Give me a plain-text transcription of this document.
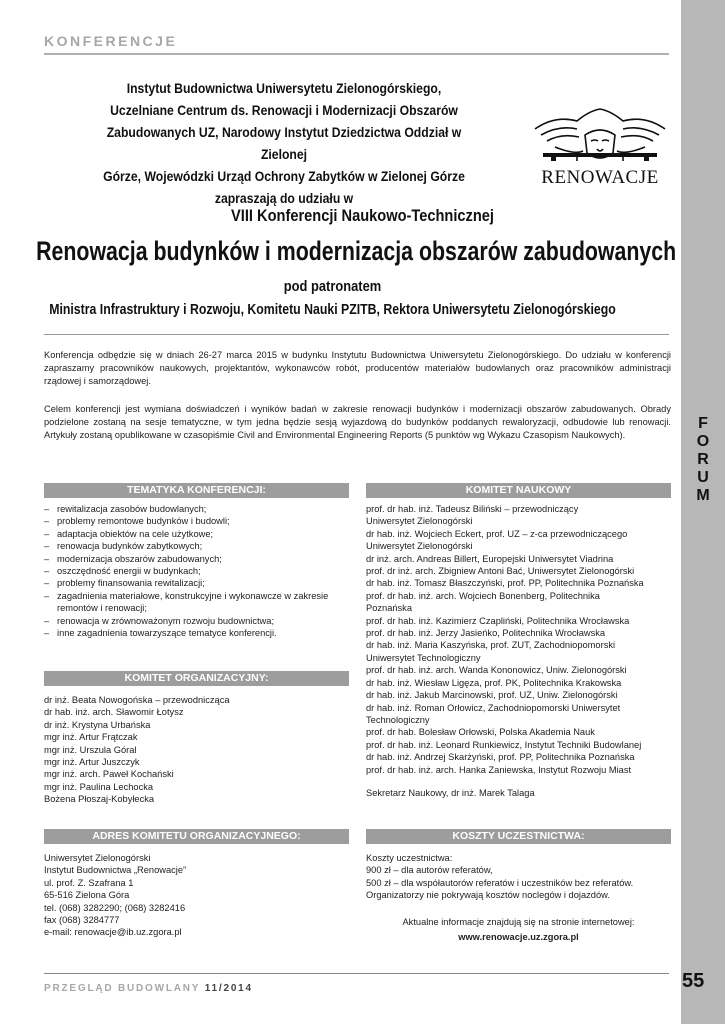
KONFERENCJE
F
O
R
U
M
Instytut Budownictwa Uniwersytetu Zielonogórskiego,
Uczelniane Centrum ds. Renowacji i Modernizacji Obszarów
Zabudowanych UZ, Narodowy Instytut Dziedzictwa Oddział w Zielonej
Górze, Wojewódzki Urząd Ochrony Zabytków w Zielonej Górze
zapraszają do udziału w
RENOWACJE
VIII Konferencji Naukowo-Technicznej
Renowacja budynków i modernizacja obszarów zabudowanych
pod patronatem
Ministra Infrastruktury i Rozwoju, Komitetu Nauki PZITB, Rektora Uniwersytetu Zielonogórskiego
Konferencja odbędzie się w dniach 26-27 marca 2015 w budynku Instytutu Budownictwa Uniwersytetu Zielonogórskiego. Do udziału w konferencji zapraszamy pracowników naukowych, projektantów, wykonawców robót, producentów materiałów budowlanych oraz pracowników administracji rządowej i samorządowej.
Celem konferencji jest wymiana doświadczeń i wyników badań w zakresie renowacji budynków i modernizacji obszarów zabudowanych. Obrady podzielone zostaną na sesje tematyczne, w tym jedna będzie sesją wyjazdową do budynków poddanych rewaloryzacji, odbudowie lub renowacji. Artykuły zostaną opublikowane w czasopiśmie Civil and Environmental Engineering Reports (5 punktów wg Wykazu Czasopism Naukowych).
TEMATYKA KONFERENCJI:
– rewitalizacja zasobów budowlanych;
– problemy remontowe budynków i budowli;
– adaptacja obiektów na cele użytkowe;
– renowacja budynków zabytkowych;
– modernizacja obszarów zabudowanych;
– oszczędność energii w budynkach;
– problemy finansowania rewitalizacji;
– zagadnienia materiałowe, konstrukcyjne i wykonawcze w zakresie remontów i renowacji;
– renowacja w zrównoważonym rozwoju budownictwa;
– inne zagadnienia towarzyszące tematyce konferencji.
KOMITET ORGANIZACYJNY:
dr inż. Beata Nowogońska – przewodnicząca
dr hab. inż. arch. Sławomir Łotysz
dr inż. Krystyna Urbańska
mgr inż. Artur Frątczak
mgr inż. Urszula Góral
mgr inż. Artur Juszczyk
mgr inż. arch. Paweł Kochański
mgr inż. Paulina Lechocka
Bożena Płoszaj-Kobyłecka
KOMITET NAUKOWY
prof. dr hab. inż. Tadeusz Biliński – przewodniczący
Uniwersytet Zielonogórski
dr hab. inż. Wojciech Eckert, prof. UZ – z-ca przewodniczącego
Uniwersytet Zielonogórski
dr inż. arch. Andreas Billert, Europejski Uniwersytet Viadrina
prof. dr inż. arch. Zbigniew Antoni Bać, Uniwersytet Zielonogórski
dr hab. inż. Tomasz Błaszczyński, prof. PP, Politechnika Poznańska
prof. dr hab. inż. arch. Wojciech Bonenberg, Politechnika
Poznańska
prof. dr hab. inż. Kazimierz Czapliński, Politechnika Wrocławska
prof. dr hab. inż. Jerzy Jasieńko, Politechnika Wrocławska
dr hab. inż. Maria Kaszyńska, prof. ZUT, Zachodniopomorski
Uniwersytet Technologiczny
prof. dr hab. inż. arch. Wanda Kononowicz, Uniw. Zielonogórski
dr hab. inż. Wiesław Ligęza, prof. PK, Politechnika Krakowska
dr hab. inż. Jakub Marcinowski, prof. UZ, Uniw. Zielonogórski
dr hab. inż. Roman Orłowicz, Zachodniopomorski Uniwersytet
Technologiczny
prof. dr hab. Bolesław Orłowski, Polska Akademia Nauk
prof. dr hab. inż. Leonard Runkiewicz, Instytut Techniki Budowlanej
dr hab. inż. Andrzej Skarżyński, prof. PP, Politechnika Poznańska
prof. dr hab. inż. arch. Hanka Zaniewska, Instytut Rozwoju Miast
Sekretarz Naukowy, dr inż. Marek Talaga
ADRES KOMITETU ORGANIZACYJNEGO:
Uniwersytet Zielonogórski
Instytut Budownictwa „Renowacje”
ul. prof. Z. Szafrana 1
65-516 Zielona Góra
tel. (068) 3282290; (068) 3282416
fax (068) 3284777
e-mail: renowacje@ib.uz.zgora.pl
KOSZTY UCZESTNICTWA:
Koszty uczestnictwa:
900 zł – dla autorów referatów,
500 zł – dla współautorów referatów i uczestników bez referatów.
Organizatorzy nie pokrywają kosztów noclegów i dojazdów.
Aktualne informacje znajdują się na stronie internetowej:
www.renowacje.uz.zgora.pl
PRZEGLĄD BUDOWLANY 11/2014	55
